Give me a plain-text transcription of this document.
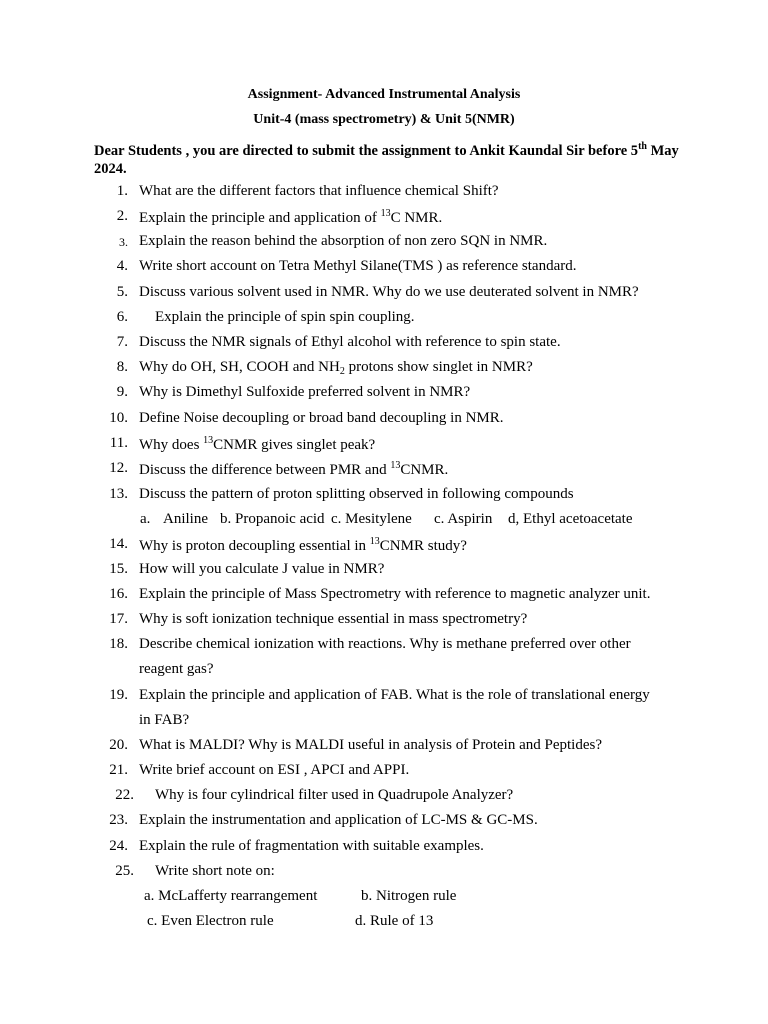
Assignment- Advanced Instrumental Analysis
Unit-4 (mass spectrometry) & Unit 5(NMR)
Dear Students , you are directed to submit the assignment to Ankit Kaundal Sir before 5th May 2024.
1. What are the different factors that influence chemical Shift?
2. Explain the principle and application of $^{13}$C NMR.
3. Explain the reason behind the absorption of non zero SQN in NMR.
4. Write short account on Tetra Methyl Silane(TMS ) as reference standard.
5. Discuss various solvent used in NMR. Why do we use deuterated solvent in NMR?
6. Explain the principle of spin spin coupling.
7. Discuss the NMR signals of Ethyl alcohol with reference to spin state.
8. Why do OH, SH, COOH and $NH_2$ protons show singlet in NMR?
9. Why is Dimethyl Sulfoxide preferred solvent in NMR?
10. Define Noise decoupling or broad band decoupling in NMR.
11. Why does $^{13}$CNMR gives singlet peak?
12. Discuss the difference between PMR and $^{13}$CNMR.
13. Discuss the pattern of proton splitting observed in following compounds
14. Why is proton decoupling essential in $^{13}$CNMR study?
15. How will you calculate J value in NMR?
16. Explain the principle of Mass Spectrometry with reference to magnetic analyzer unit.
17. Why is soft ionization technique essential in mass spectrometry?
18. Describe chemical ionization with reactions. Why is methane preferred over other
reagent gas?
19. Explain the principle and application of FAB. What is the role of translational energy
in FAB?
20. What is MALDI? Why is MALDI useful in analysis of Protein and Peptides?
21. Write brief account on ESI , APCI and APPI.
22. Why is four cylindrical filter used in Quadrupole Analyzer?
23. Explain the instrumentation and application of LC-MS & GC-MS.
24. Explain the rule of fragmentation with suitable examples.
25. Write short note on:
a. Aniline b. Propanoic acid c. Mesitylene c. Aspirin d, Ethyl acetoacetate
a. McLafferty rearrangement	b. Nitrogen rule
c. Even Electron rule	d. Rule of 13
